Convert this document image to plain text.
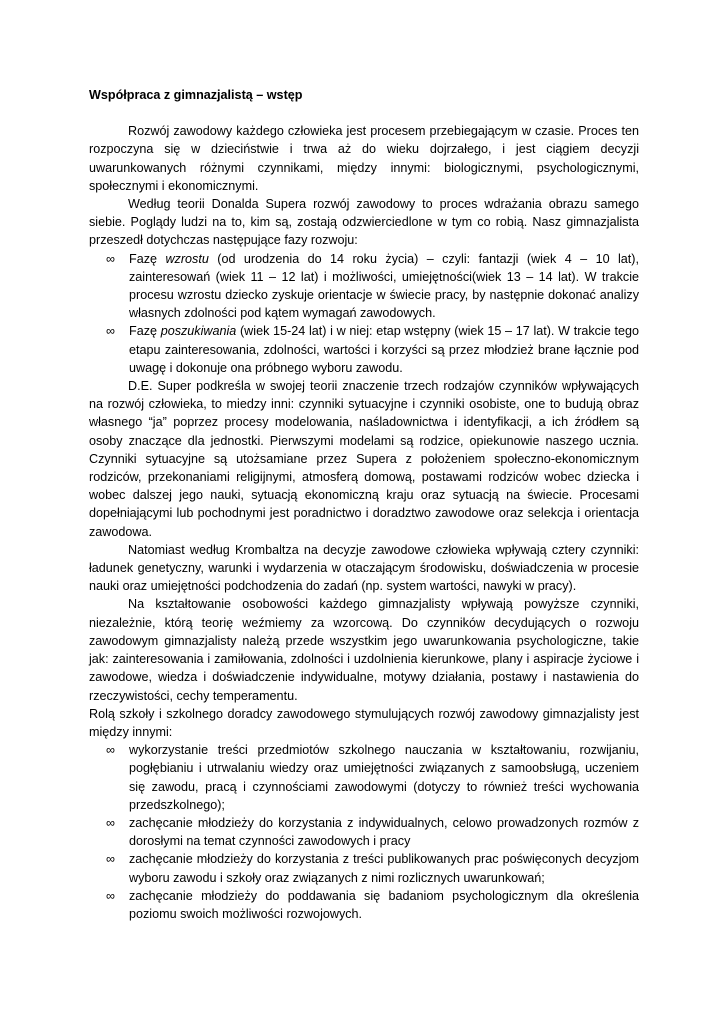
Współpraca z gimnazjalistą – wstęp

Rozwój zawodowy każdego człowieka jest procesem przebiegającym w czasie. Proces ten rozpoczyna się w dzieciństwie i trwa aż do wieku dojrzałego, i jest ciągiem decyzji uwarunkowanych różnymi czynnikami, między innymi: biologicznymi, psychologicznymi, społecznymi i ekonomicznymi.

Według teorii Donalda Supera rozwój zawodowy to proces wdrażania obrazu samego siebie. Poglądy ludzi na to, kim są, zostają odzwierciedlone w tym co robią. Nasz gimnazjalista przeszedł dotychczas następujące fazy rozwoju:

∞ Fazę wzrostu (od urodzenia do 14 roku życia) – czyli: fantazji (wiek 4 – 10 lat), zainteresowań (wiek 11 – 12 lat) i możliwości, umiejętności(wiek 13 – 14 lat). W trakcie procesu wzrostu dziecko zyskuje orientacje w świecie pracy, by następnie dokonać analizy własnych zdolności pod kątem wymagań zawodowych.
∞ Fazę poszukiwania (wiek 15-24 lat) i w niej: etap wstępny (wiek 15 – 17 lat). W trakcie tego etapu zainteresowania, zdolności, wartości i korzyści są przez młodzież brane łącznie pod uwagę i dokonuje ona próbnego wyboru zawodu.

D.E. Super podkreśla w swojej teorii znaczenie trzech rodzajów czynników wpływających na rozwój człowieka, to miedzy inni: czynniki sytuacyjne i czynniki osobiste, one to budują obraz własnego “ja” poprzez procesy modelowania, naśladownictwa i identyfikacji, a ich źródłem są osoby znaczące dla jednostki. Pierwszymi modelami są rodzice, opiekunowie naszego ucznia. Czynniki sytuacyjne są utożsamiane przez Supera z położeniem społeczno-ekonomicznym rodziców, przekonaniami religijnymi, atmosferą domową, postawami rodziców wobec dziecka i wobec dalszej jego nauki, sytuacją ekonomiczną kraju oraz sytuacją na świecie. Procesami dopełniającymi lub pochodnymi jest poradnictwo i doradztwo zawodowe oraz selekcja i orientacja zawodowa.

Natomiast według Krombaltza na decyzje zawodowe człowieka wpływają cztery czynniki: ładunek genetyczny, warunki i wydarzenia w otaczającym środowisku, doświadczenia w procesie nauki oraz umiejętności podchodzenia do zadań (np. system wartości, nawyki w pracy).

Na kształtowanie osobowości każdego gimnazjalisty wpływają powyższe czynniki, niezależnie, którą teorię weźmiemy za wzorcową. Do czynników decydujących o rozwoju zawodowym gimnazjalisty należą przede wszystkim jego uwarunkowania psychologiczne, takie jak: zainteresowania i zamiłowania, zdolności i uzdolnienia kierunkowe, plany i aspiracje życiowe i zawodowe, wiedza i doświadczenie indywidualne, motywy działania, postawy i nastawienia do rzeczywistości, cechy temperamentu.

Rolą szkoły i szkolnego doradcy zawodowego stymulujących rozwój zawodowy gimnazjalisty jest między innymi:

∞ wykorzystanie treści przedmiotów szkolnego nauczania w kształtowaniu, rozwijaniu, pogłębianiu i utrwalaniu wiedzy oraz umiejętności związanych z samoobsługą, uczeniem się zawodu, pracą i czynnościami zawodowymi (dotyczy to również treści wychowania przedszkolnego);
∞ zachęcanie młodzieży do korzystania z indywidualnych, celowo prowadzonych rozmów z dorosłymi na temat czynności zawodowych i pracy
∞ zachęcanie młodzieży do korzystania z treści publikowanych prac poświęconych decyzjom wyboru zawodu i szkoły oraz związanych z nimi rozlicznych uwarunkowań;
∞ zachęcanie młodzieży do poddawania się badaniom psychologicznym dla określenia poziomu swoich możliwości rozwojowych.
